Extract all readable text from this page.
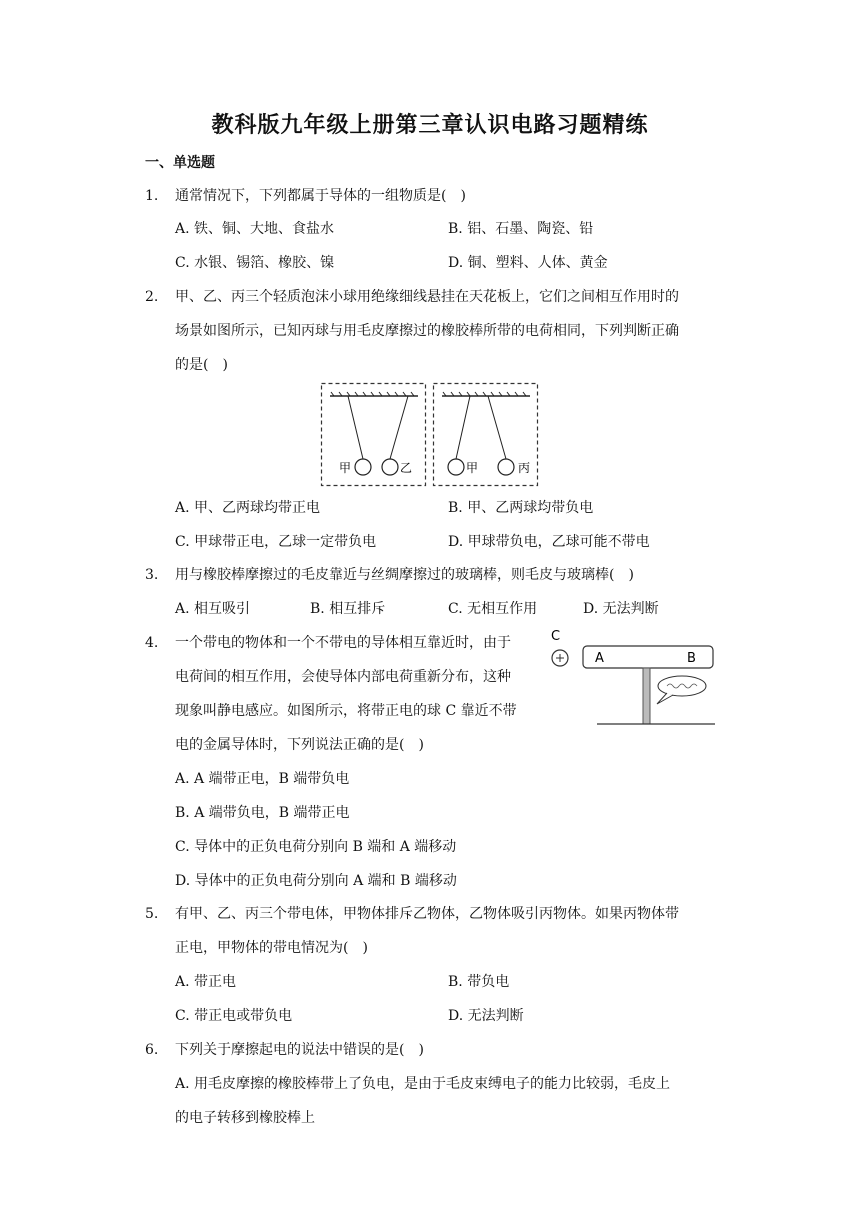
教科版九年级上册第三章认识电路习题精练
一、单选题
1. 通常情况下，下列都属于导体的一组物质是(　)
A. 铁、铜、大地、食盐水	B. 铝、石墨、陶瓷、铅
C. 水银、锡箔、橡胶、镍	D. 铜、塑料、人体、黄金
2. 甲、乙、丙三个轻质泡沫小球用绝缘细线悬挂在天花板上，它们之间相互作用时的
场景如图所示，已知丙球与用毛皮摩擦过的橡胶棒所带的电荷相同，下列判断正确
的是(　)
甲	乙	甲	丙
A. 甲、乙两球均带正电	B. 甲、乙两球均带负电
C. 甲球带正电，乙球一定带负电	D. 甲球带负电，乙球可能不带电
3. 用与橡胶棒摩擦过的毛皮靠近与丝绸摩擦过的玻璃棒，则毛皮与玻璃棒(　)
A. 相互吸引	B. 相互排斥	C. 无相互作用	D. 无法判断
4. 一个带电的物体和一个不带电的导体相互靠近时，由于
电荷间的相互作用，会使导体内部电荷重新分布，这种
现象叫静电感应。如图所示，将带正电的球 C 靠近不带
电的金属导体时，下列说法正确的是(　)
C
A	B
A. A 端带正电，B 端带负电
B. A 端带负电，B 端带正电
C. 导体中的正负电荷分别向 B 端和 A 端移动
D. 导体中的正负电荷分别向 A 端和 B 端移动
5. 有甲、乙、丙三个带电体，甲物体排斥乙物体，乙物体吸引丙物体。如果丙物体带
正电，甲物体的带电情况为(　)
A. 带正电	B. 带负电
C. 带正电或带负电	D. 无法判断
6. 下列关于摩擦起电的说法中错误的是(　)
A. 用毛皮摩擦的橡胶棒带上了负电，是由于毛皮束缚电子的能力比较弱，毛皮上
的电子转移到橡胶棒上
